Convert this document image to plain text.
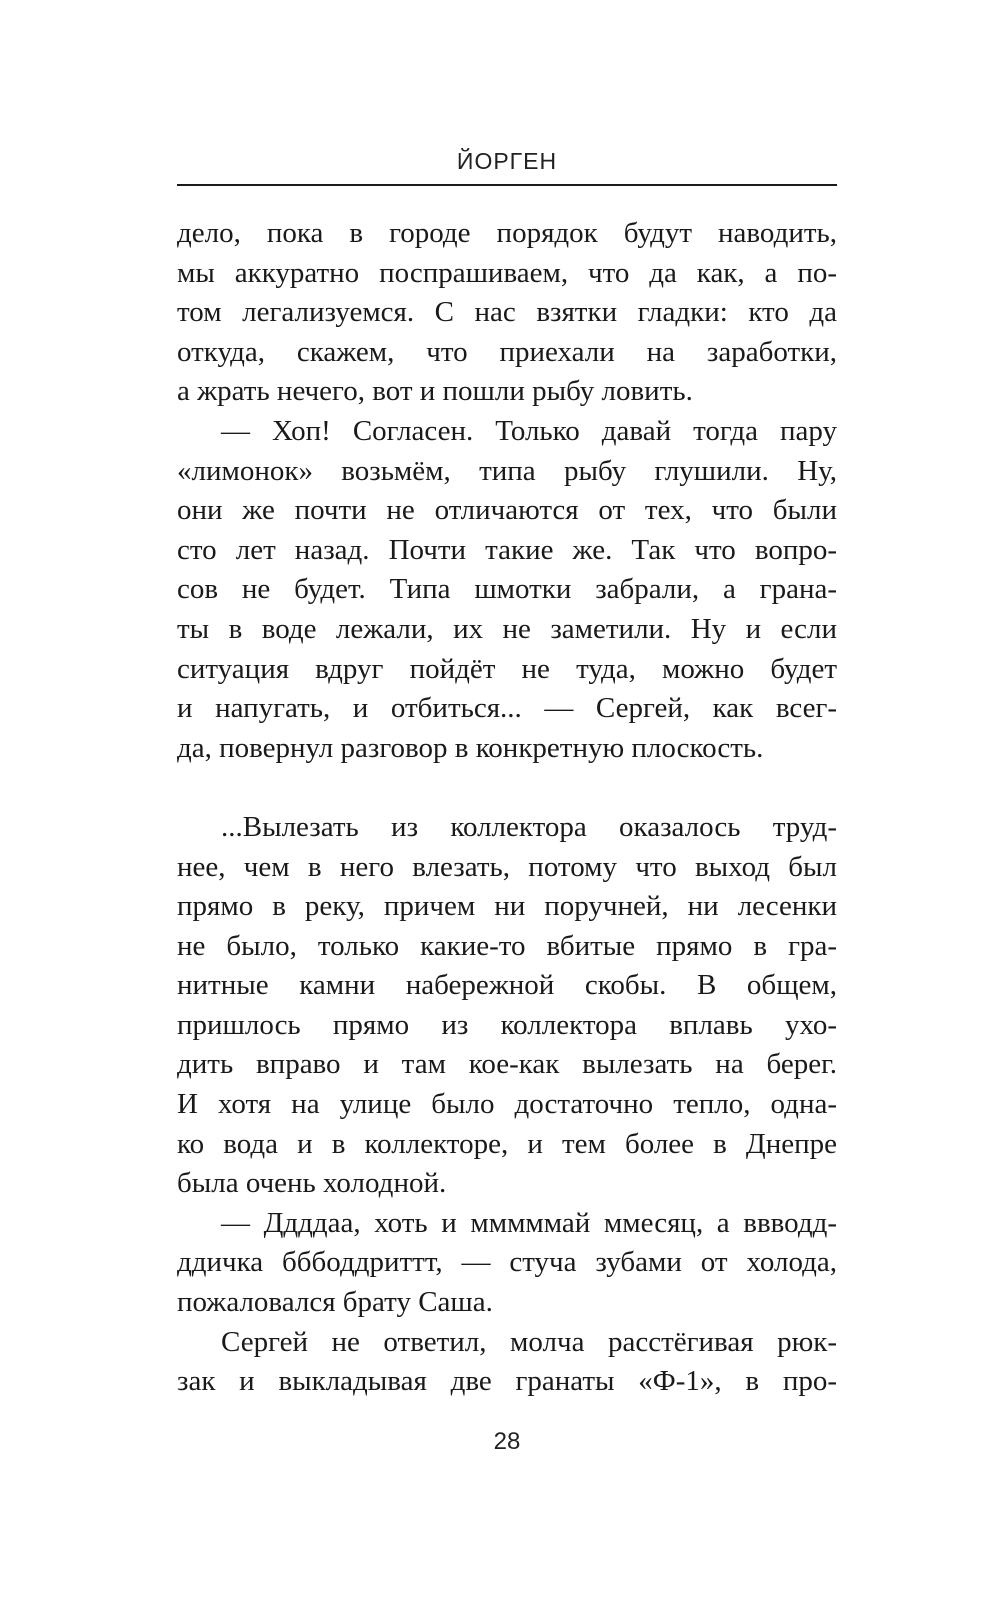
ЙОРГЕН
дело, пока в городе порядок будут наводить,
мы аккуратно поспрашиваем, что да как, а по-
том легализуемся. С нас взятки гладки: кто да
откуда, скажем, что приехали на заработки,
а жрать нечего, вот и пошли рыбу ловить.
— Хоп! Согласен. Только давай тогда пару
«лимонок» возьмём, типа рыбу глушили. Ну,
они же почти не отличаются от тех, что были
сто лет назад. Почти такие же. Так что вопро-
сов не будет. Типа шмотки забрали, а грана-
ты в воде лежали, их не заметили. Ну и если
ситуация вдруг пойдёт не туда, можно будет
и напугать, и отбиться... — Сергей, как всег-
да, повернул разговор в конкретную плоскость.
...Вылезать из коллектора оказалось труд-
нее, чем в него влезать, потому что выход был
прямо в реку, причем ни поручней, ни лесенки
не было, только какие-то вбитые прямо в гра-
нитные камни набережной скобы. В общем,
пришлось прямо из коллектора вплавь ухо-
дить вправо и там кое-как вылезать на берег.
И хотя на улице было достаточно тепло, одна-
ко вода и в коллекторе, и тем более в Днепре
была очень холодной.
— Ддддаа, хоть и мммммай ммесяц, а ввводд-
ддичка бббоддриттт, — стуча зубами от холода,
пожаловался брату Саша.
Сергей не ответил, молча расстёгивая рюк-
зак и выкладывая две гранаты «Ф-1», в про-
28
